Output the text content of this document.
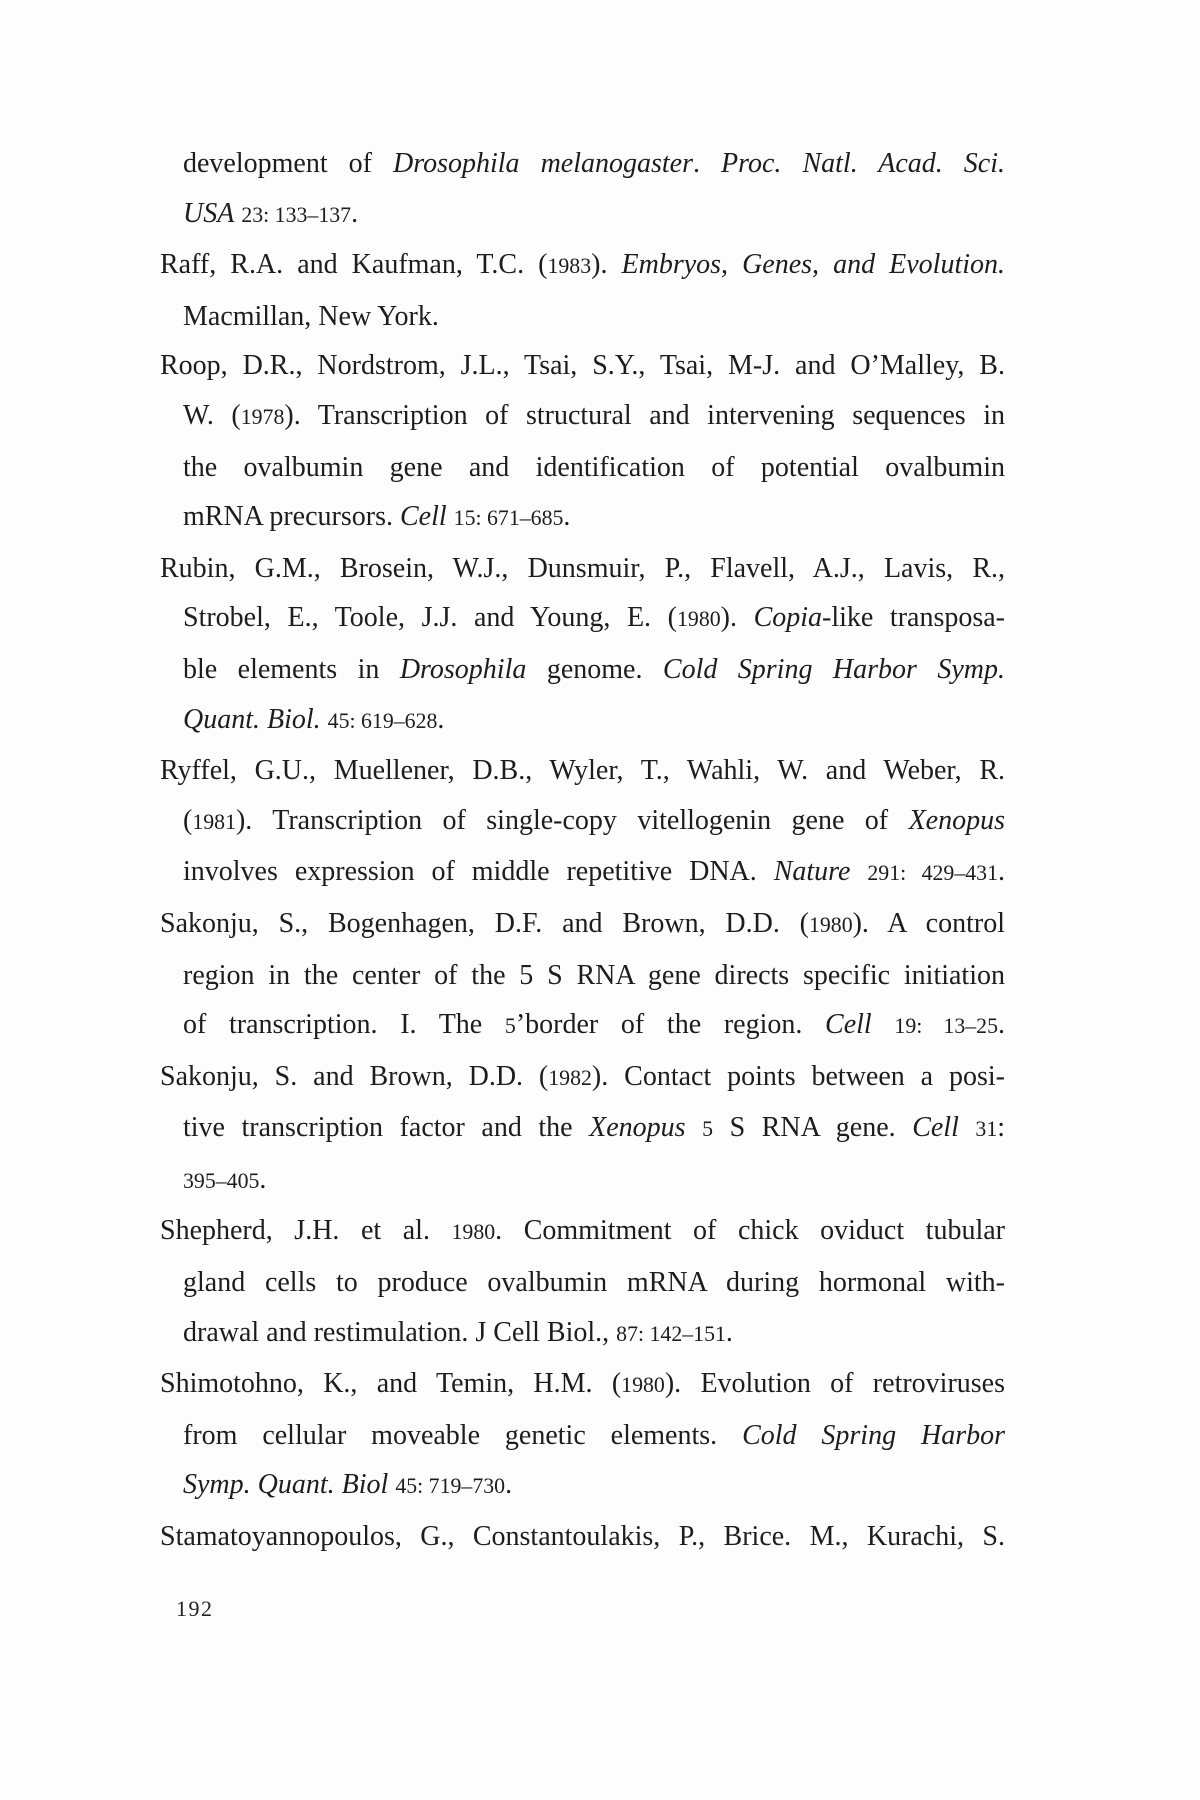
development of Drosophila melanogaster. Proc. Natl. Acad. Sci.
USA 23: 133–137.
Raff, R.A. and Kaufman, T.C. (1983). Embryos, Genes, and Evolution.
Macmillan, New York.
Roop, D.R., Nordstrom, J.L., Tsai, S.Y., Tsai, M-J. and O’Malley, B.
W. (1978). Transcription of structural and intervening sequences in
the ovalbumin gene and identification of potential ovalbumin
mRNA precursors. Cell 15: 671–685.
Rubin, G.M., Brosein, W.J., Dunsmuir, P., Flavell, A.J., Lavis, R.,
Strobel, E., Toole, J.J. and Young, E. (1980). Copia-like transposa-
ble elements in Drosophila genome. Cold Spring Harbor Symp.
Quant. Biol. 45: 619–628.
Ryffel, G.U., Muellener, D.B., Wyler, T., Wahli, W. and Weber, R.
(1981). Transcription of single-copy vitellogenin gene of Xenopus
involves expression of middle repetitive DNA. Nature 291: 429–431.
Sakonju, S., Bogenhagen, D.F. and Brown, D.D. (1980). A control
region in the center of the 5 S RNA gene directs specific initiation
of transcription. I. The 5’border of the region. Cell 19: 13–25.
Sakonju, S. and Brown, D.D. (1982). Contact points between a posi-
tive transcription factor and the Xenopus 5 S RNA gene. Cell 31:
395–405.
Shepherd, J.H. et al. 1980. Commitment of chick oviduct tubular
gland cells to produce ovalbumin mRNA during hormonal with-
drawal and restimulation. J Cell Biol., 87: 142–151.
Shimotohno, K., and Temin, H.M. (1980). Evolution of retroviruses
from cellular moveable genetic elements. Cold Spring Harbor
Symp. Quant. Biol 45: 719–730.
Stamatoyannopoulos, G., Constantoulakis, P., Brice. M., Kurachi, S.
192
